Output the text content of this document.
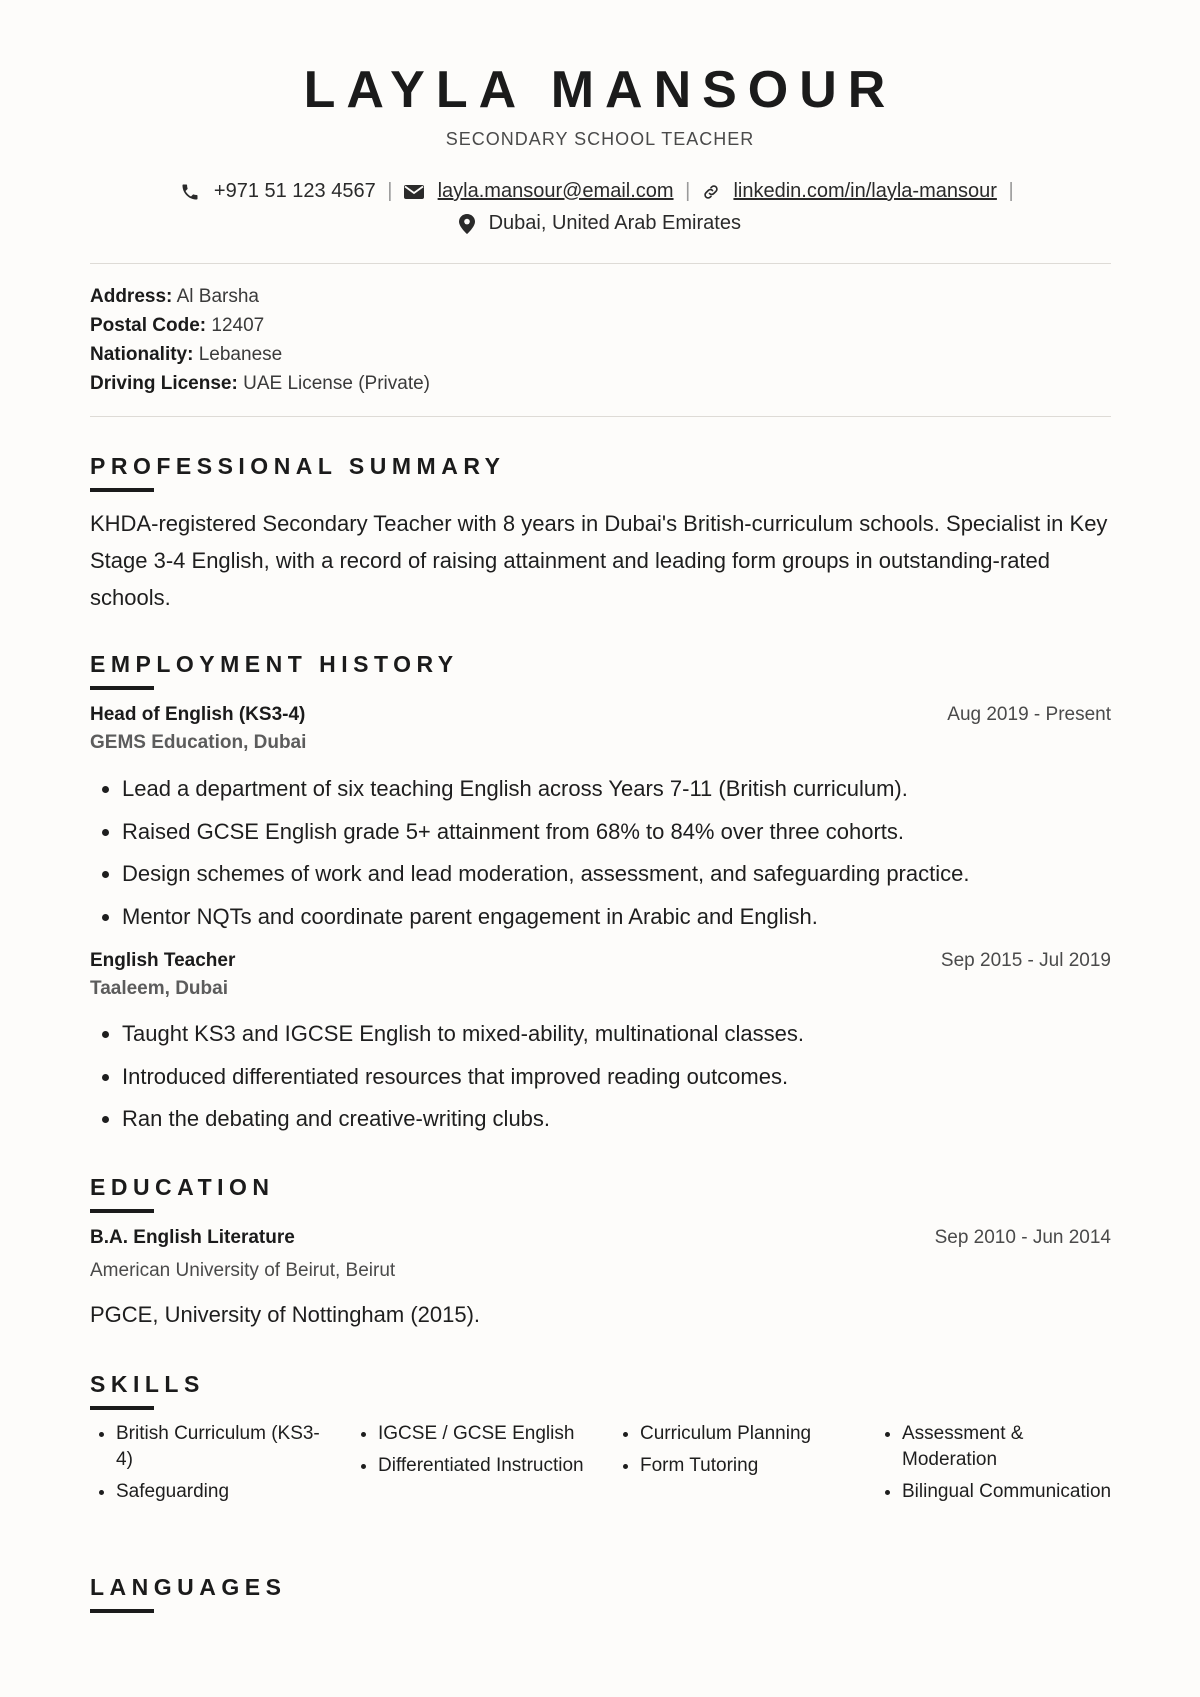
LAYLA MANSOUR
SECONDARY SCHOOL TEACHER
+971 51 123 4567 | layla.mansour@email.com | linkedin.com/in/layla-mansour |
Dubai, United Arab Emirates
Address: Al Barsha
Postal Code: 12407
Nationality: Lebanese
Driving License: UAE License (Private)
PROFESSIONAL SUMMARY
KHDA-registered Secondary Teacher with 8 years in Dubai's British-curriculum schools. Specialist in Key Stage 3-4 English, with a record of raising attainment and leading form groups in outstanding-rated schools.
EMPLOYMENT HISTORY
Head of English (KS3-4)	Aug 2019 - Present
GEMS Education, Dubai
• Lead a department of six teaching English across Years 7-11 (British curriculum).
• Raised GCSE English grade 5+ attainment from 68% to 84% over three cohorts.
• Design schemes of work and lead moderation, assessment, and safeguarding practice.
• Mentor NQTs and coordinate parent engagement in Arabic and English.
English Teacher	Sep 2015 - Jul 2019
Taaleem, Dubai
• Taught KS3 and IGCSE English to mixed-ability, multinational classes.
• Introduced differentiated resources that improved reading outcomes.
• Ran the debating and creative-writing clubs.
EDUCATION
B.A. English Literature	Sep 2010 - Jun 2014
American University of Beirut, Beirut
PGCE, University of Nottingham (2015).
SKILLS
• British Curriculum (KS3-4)
• Safeguarding
• IGCSE / GCSE English
• Differentiated Instruction
• Curriculum Planning
• Form Tutoring
• Assessment & Moderation
• Bilingual Communication
LANGUAGES
